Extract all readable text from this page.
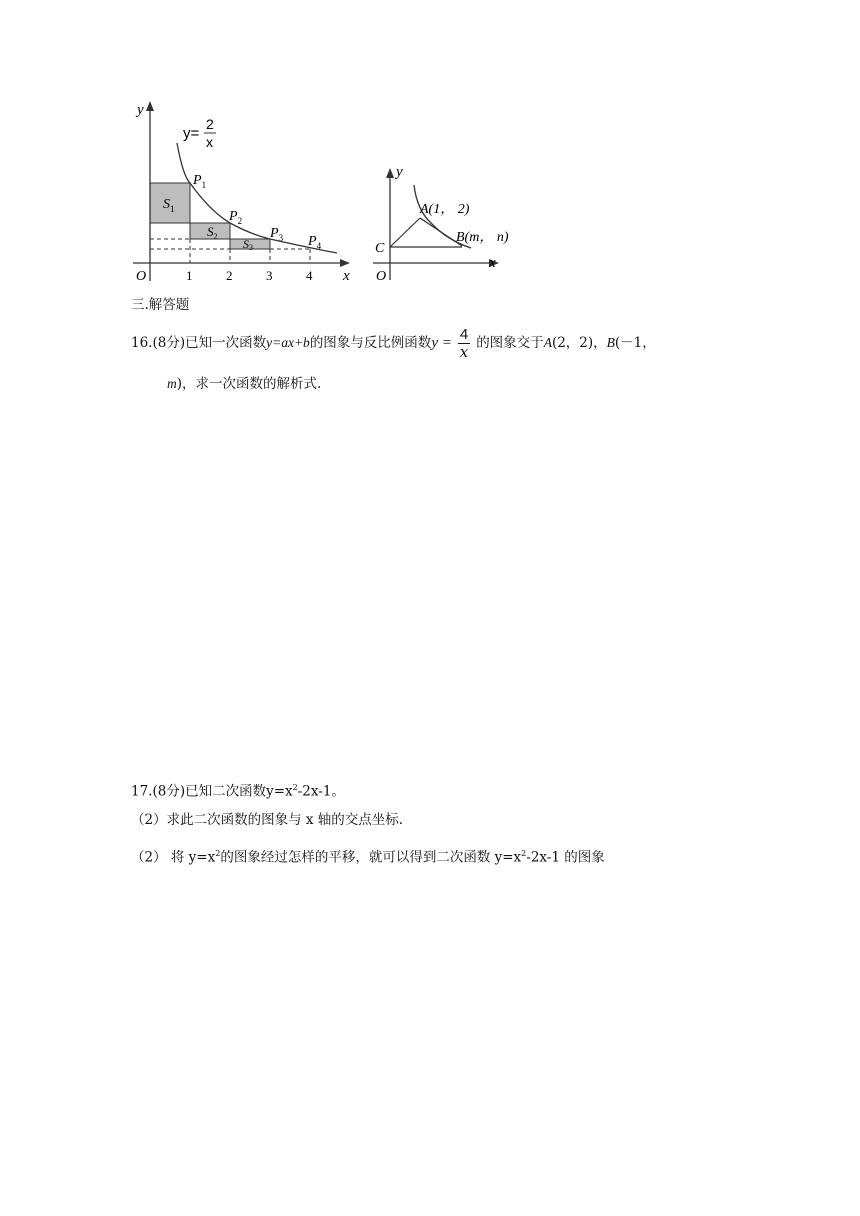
y
x
O	1	2	3	4
y=
2
x
$P_1$
$P_2$
$P_3$ $P_4$
$S_1$
$S_2$
S3
y
x
O
C
A(1， 2)
B(m， n)
三.解答题
16.(8分)已知一次函数 y=ax+b 的图象与反比例函数 $y = \frac{4}{x}$ 的图象交于 A (2，2)， B (－1，
m)，求一次函数的解析式.
17.(8分)已知二次函数$y=x^2-2x-1$。
（2）求此二次函数的图象与 x 轴的交点坐标.
（2） 将 $y=x^2$的图象经过怎样的平移，就可以得到二次函数 $y=x^2-2x-1$ 的图象
